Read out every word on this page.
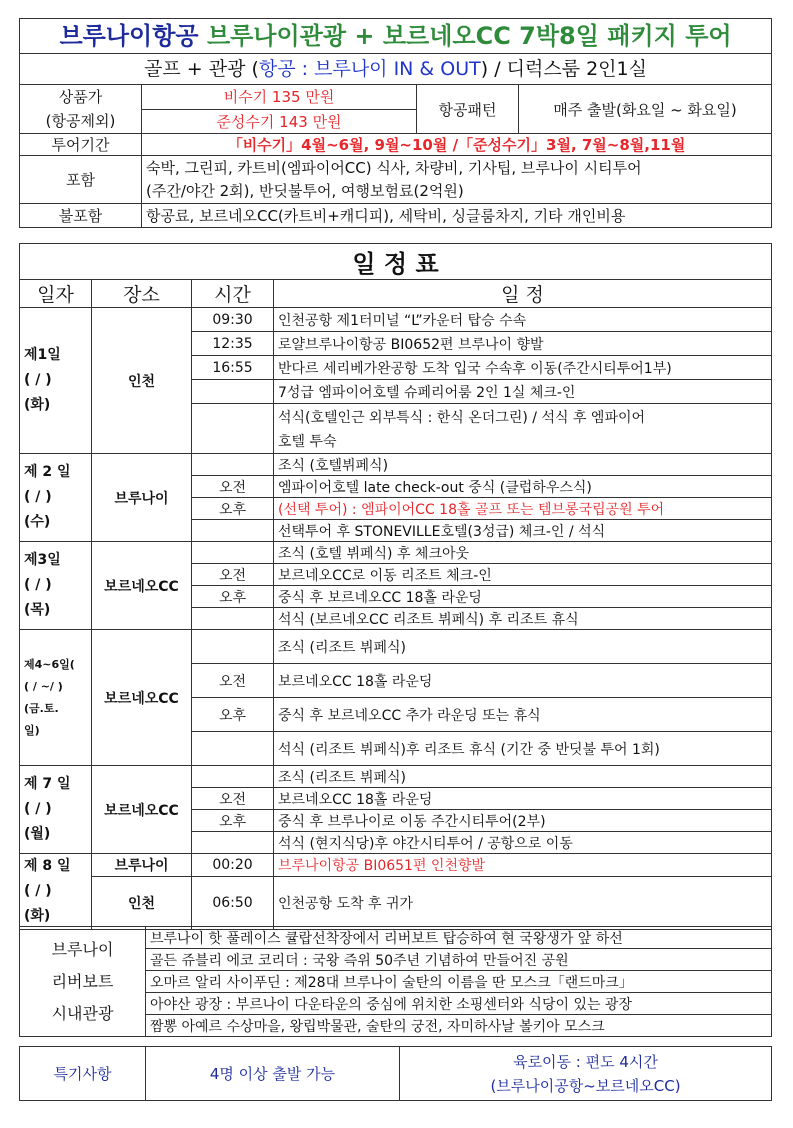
브루나이항공 브루나이관광 + 보르네오CC 7박8일 패키지 투어			
골프 + 관광 (항공 : 브루나이 IN & OUT) / 디럭스룸 2인1실			

상품가
(항공제외)	비수기 135 만원	항공패턴	매주 출발(화요일 ~ 화요일)
	준성수기 143 만원		
투어기간	「비수기」4월~6월, 9월~10월 /「준성수기」3월, 7월~8월,11월		
포함	숙박, 그린피, 카트비(엠파이어CC) 식사, 차량비, 기사팁, 브루나이 시티투어
(주간/야간 2회), 반딧불투어, 여행보험료(2억원)		

불포함	항공료, 보르네오CC(카트비+캐디피), 세탁비, 싱글룸차지, 기타 개인비용		
일 정 표			
일자	장소	시간	일 정

제1일
( / )
(화)	인천	09:30	인천공항 제1터미널 “L”카운터 탑승 수속
		12:35	로얄브루나이항공 BI0652편 브루나이 향발
		16:55	반다르 세리베가완공항 도착 입국 수속후 이동(주간시티투어1부)
			7성급 엠파이어호텔 슈페리어룸 2인 1실 체크-인
			석식(호텔인근 외부특식 : 한식 온더그린) / 석식 후 엠파이어
			호텔 투숙

제 2 일
( / )
(수)	브루나이		조식 (호텔뷔페식)
		오전	엠파이어호텔 late check-out 중식 (클럽하우스식)
		오후	(선택 투어) : 엠파이어CC 18홀 골프 또는 템브롱국립공원 투어
			선택투어 후 STONEVILLE호텔(3성급) 체크-인 / 석식

제3일
( / )
(목)	보르네오CC		조식 (호텔 뷔페식) 후 체크아웃
		오전	보르네오CC로 이동 리조트 체크-인
		오후	중식 후 보르네오CC 18홀 라운딩
			석식 (보르네오CC 리조트 뷔페식) 후 리조트 휴식

제4~6일(
( / ~/ )
(금.토.
일)	보르네오CC		조식 (리조트 뷔페식)
		오전	보르네오CC 18홀 라운딩
		오후	중식 후 보르네오CC 추가 라운딩 또는 휴식
			석식 (리조트 뷔페식)후 리조트 휴식 (기간 중 반딧불 투어 1회)

제 7 일
( / )
(월)	보르네오CC		조식 (리조트 뷔페식)
		오전	보르네오CC 18홀 라운딩
		오후	중식 후 브루나이로 이동 주간시티투어(2부)
			석식 (현지식당)후 야간시티투어 / 공항으로 이동

제 8 일
( / )
(화)	브루나이	00:20	브루나이항공 BI0651편 인천향발
	인천	06:50	인천공항 도착 후 귀가
브루나이
리버보트
시내관광
	브루나이 핫 풀레이스 큘랍선착장에서 리버보트 탑승하여 현 국왕생가 앞 하선
골든 쥬블리 에코 코리더 : 국왕 즉위 50주년 기념하여 만들어진 공원
오마르 알리 사이푸딘 : 제28대 브루나이 술탄의 이름을 딴 모스크「랜드마크」
아야산 광장 : 부르나이 다운타운의 중심에 위치한 소핑센터와 식당이 있는 광장
짬뽕 아예르 수상마을, 왕립박물관, 술탄의 궁전, 자미하사날 볼키아 모스크
특기사항	4명 이상 출발 가능	
육로이동 : 편도 4시간
(브루나이공항~보르네오CC)
